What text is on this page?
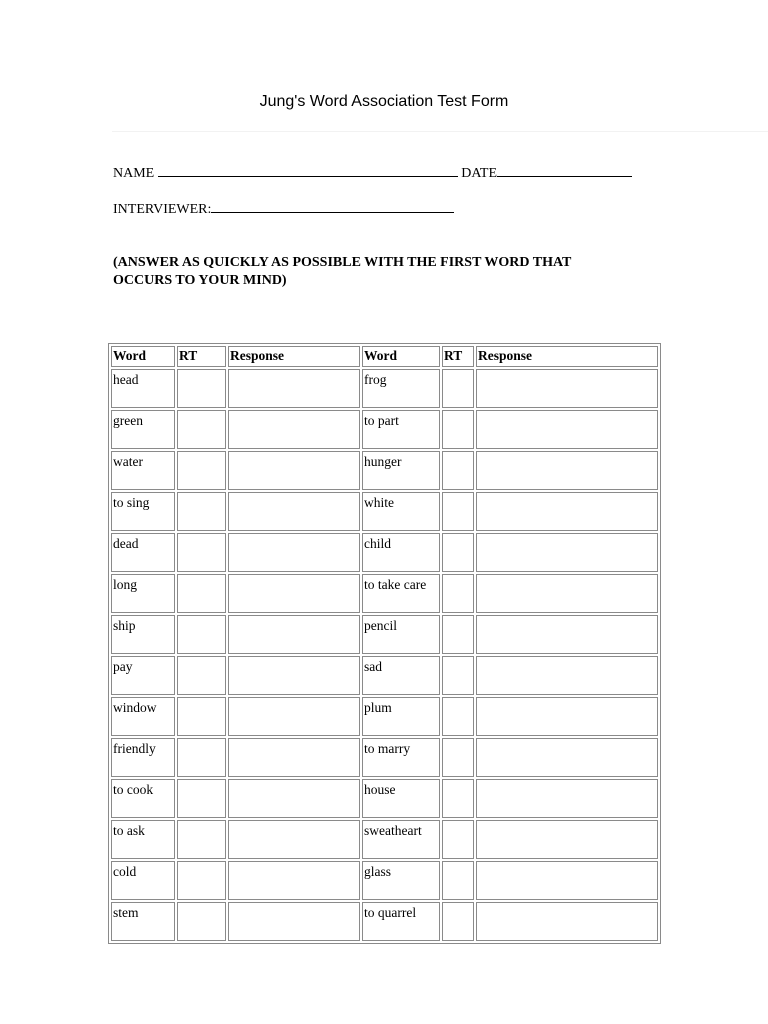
Jung's Word Association Test Form
NAME	DATE
INTERVIEWER:
(ANSWER AS QUICKLY AS POSSIBLE WITH THE FIRST WORD THAT OCCURS TO YOUR MIND)
Word	RT	Response	Word	RT	Response
head			frog		
green			to part		
water			hunger		
to sing			white		
dead			child		
long			to take care		
ship			pencil		
pay			sad		
window			plum		
friendly			to marry		
to cook			house		
to ask			sweatheart		
cold			glass		
stem			to quarrel		
